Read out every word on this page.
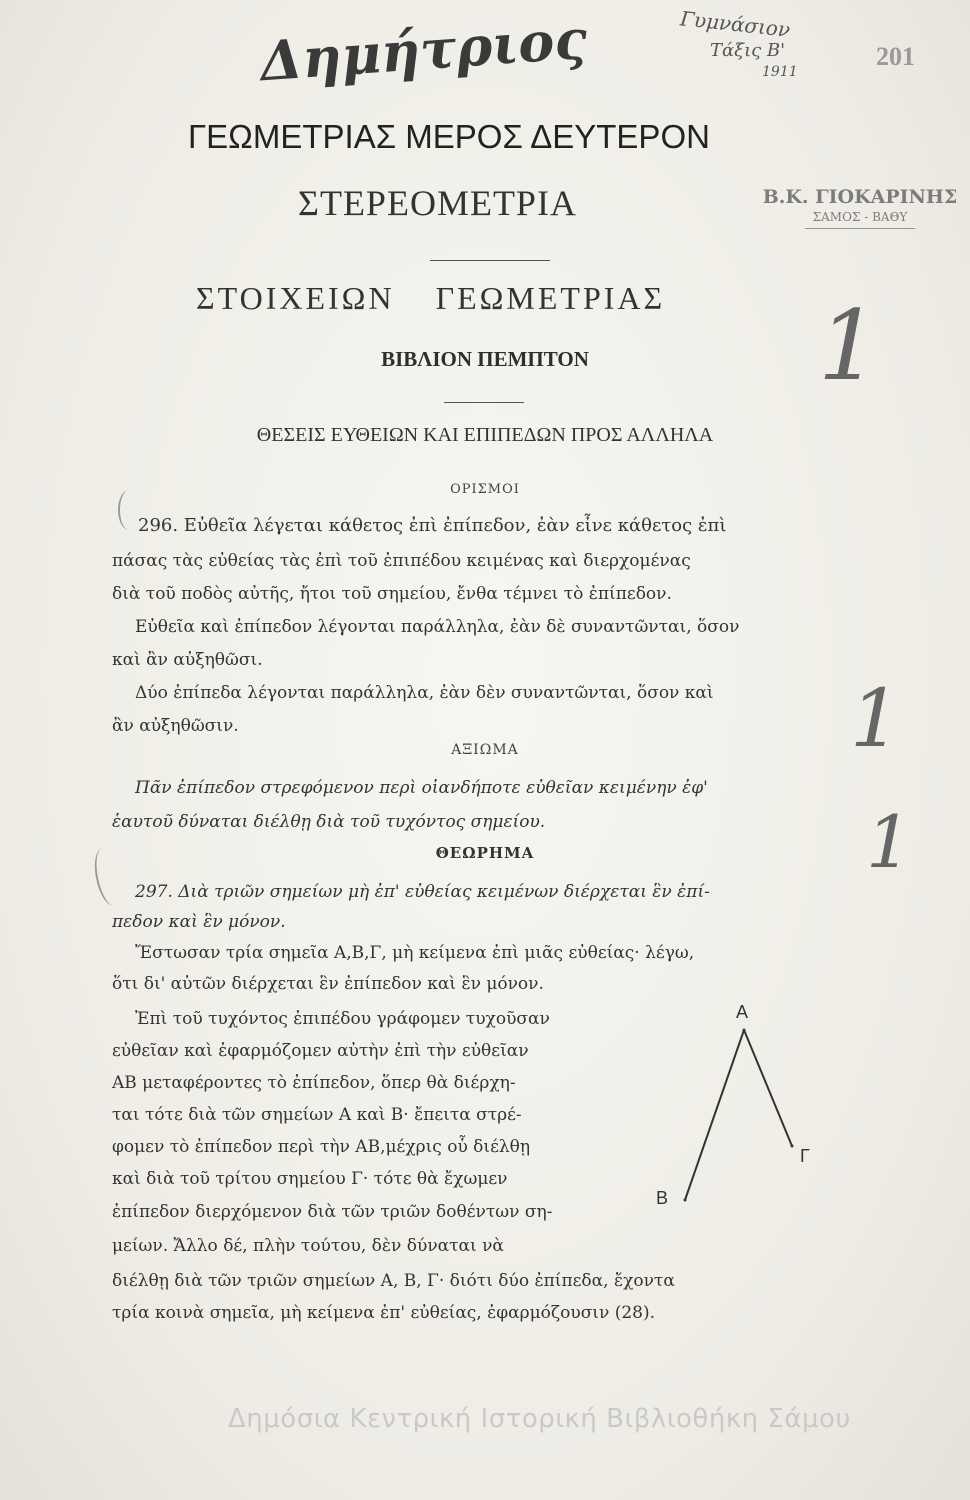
Δημήτριος	Γυμνάσιον
Τάξις Β'
1911
201
ΓΕΩΜΕΤΡΙΑΣ ΜΕΡΟΣ ΔΕΥΤΕΡΟΝ
ΣΤΕΡΕΟΜΕΤΡΙΑ	Β.Κ. ΓΙΟΚΑΡΙΝΗΣ
ΣΑΜΟΣ - ΒΑΘΥ
ΣΤΟΙΧΕΙΩΝ ΓΕΩΜΕΤΡΙΑΣ
ΒΙΒΛΙΟΝ ΠΕΜΠΤΟΝ
ΘΕΣΕΙΣ ΕΥΘΕΙΩΝ ΚΑΙ ΕΠΙΠΕΔΩΝ ΠΡΟΣ ΑΛΛΗΛΑ
ΟΡΙΣΜΟΙ
1
1
1
296. Εὐθεῖα λέγεται κάθετος ἐπὶ ἐπίπεδον, ἐὰν εἶνε κάθετος ἐπὶ
πάσας τὰς εὐθείας τὰς ἐπὶ τοῦ ἐπιπέδου κειμένας καὶ διερχομένας
διὰ τοῦ ποδὸς αὐτῆς, ἤτοι τοῦ σημείου, ἔνθα τέμνει τὸ ἐπίπεδον.
Εὐθεῖα καὶ ἐπίπεδον λέγονται παράλληλα, ἐὰν δὲ συναντῶνται, ὅσον
καὶ ἂν αὐξηθῶσι.
Δύο ἐπίπεδα λέγονται παράλληλα, ἐὰν δὲν συναντῶνται, ὅσον καὶ
ἂν αὐξηθῶσιν.
ΑΞΙΩΜΑ
Πᾶν ἐπίπεδον στρεφόμενον περὶ οἱανδήποτε εὐθεῖαν κειμένην ἐφ'
ἑαυτοῦ δύναται διέλθῃ διὰ τοῦ τυχόντος σημείου.
ΘΕΩΡΗΜΑ
297. Διὰ τριῶν σημείων μὴ ἐπ' εὐθείας κειμένων διέρχεται ἓν ἐπί-
πεδον καὶ ἓν μόνον.
Ἔστωσαν τρία σημεῖα Α,Β,Γ, μὴ κείμενα ἐπὶ μιᾶς εὐθείας· λέγω,
ὅτι δι' αὐτῶν διέρχεται ἓν ἐπίπεδον καὶ ἓν μόνον.
Ἐπὶ τοῦ τυχόντος ἐπιπέδου γράφομεν τυχοῦσαν
εὐθεῖαν καὶ ἐφαρμόζομεν αὐτὴν ἐπὶ τὴν εὐθεῖαν
ΑΒ μεταφέροντες τὸ ἐπίπεδον, ὅπερ θὰ διέρχη-
ται τότε διὰ τῶν σημείων Α καὶ Β· ἔπειτα στρέ-
φομεν τὸ ἐπίπεδον περὶ τὴν ΑΒ,μέχρις οὗ διέλθῃ
καὶ διὰ τοῦ τρίτου σημείου Γ· τότε θὰ ἔχωμεν
ἐπίπεδον διερχόμενον διὰ τῶν τριῶν δοθέντων ση-
μείων. Ἄλλο δέ, πλὴν τούτου, δὲν δύναται νὰ
διέλθῃ διὰ τῶν τριῶν σημείων Α, Β, Γ· διότι δύο ἐπίπεδα, ἔχοντα
τρία κοινὰ σημεῖα, μὴ κείμενα ἐπ' εὐθείας, ἐφαρμόζουσιν (28).
Α
Β
Γ
Δημόσια Κεντρική Ιστορική Βιβλιοθήκη Σάμου
